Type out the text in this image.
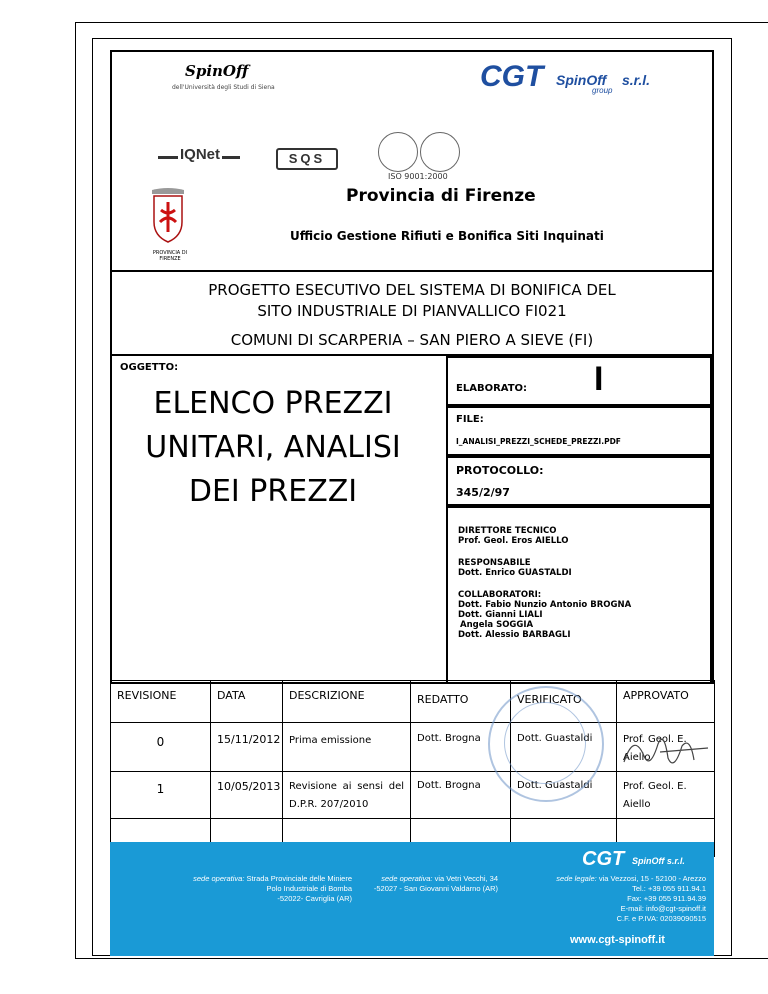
SpinOff
dell'Università degli Studi di Siena	CGT SpinOff s.r.l.
group
IQNet	SQS
ISO 9001:2000
PROVINCIA DI FIRENZE
Provincia di Firenze
Ufficio Gestione Rifiuti e Bonifica Siti Inquinati
PROGETTO ESECUTIVO DEL SISTEMA DI BONIFICA DEL
SITO INDUSTRIALE DI PIANVALLICO FI021
COMUNI DI SCARPERIA – SAN PIERO A SIEVE (FI)
OGGETTO:
ELENCO PREZZI
UNITARI, ANALISI
DEI PREZZI
ELABORATO: I
FILE:
I_ANALISI_PREZZI_SCHEDE_PREZZI.PDF
PROTOCOLLO:
345/2/97
DIRETTORE TECNICO
Prof. Geol. Eros AIELLO
RESPONSABILE
Dott. Enrico GUASTALDI
COLLABORATORI:
Dott. Fabio Nunzio Antonio BROGNA
Dott. Gianni LIALI
Angela SOGGIA
Dott. Alessio BARBAGLI
REVISIONE	DATA	DESCRIZIONE	REDATTO	VERIFICATO	APPROVATO
0	15/11/2012	Prima emissione	Dott. Brogna	Dott. Guastaldi	Prof. Geol. E. Aiello
1	10/05/2013	Revisione ai sensi del D.P.R. 207/2010	Dott. Brogna	Dott. Guastaldi	Prof. Geol. E. Aiello

CGT SpinOff s.r.l.
sede operativa: Strada Provinciale delle Miniere
Polo Industriale di Bomba
-52022- Cavriglia (AR)
sede operativa: via Vetri Vecchi, 34
-52027 - San Giovanni Valdarno (AR)
sede legale: via Vezzosi, 15 - 52100 - Arezzo
Tel.: +39 055 911.94.1
Fax: +39 055 911.94.39
E-mail: info@cgt-spinoff.it
C.F. e P.IVA: 02039090515
www.cgt-spinoff.it
